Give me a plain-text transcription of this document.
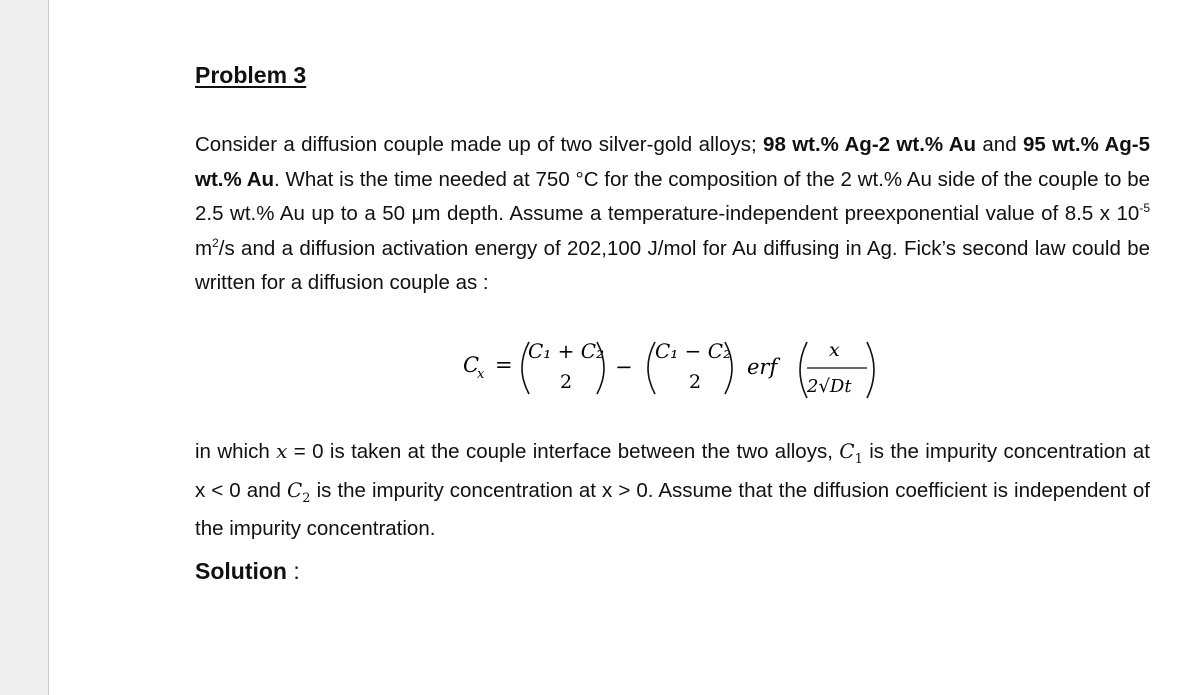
Problem 3
Consider a diffusion couple made up of two silver-gold alloys; 98 wt.% Ag-2 wt.% Au and 95 wt.% Ag-5 wt.% Au. What is the time needed at 750 °C for the composition of the 2 wt.% Au side of the couple to be 2.5 wt.% Au up to a 50 μm depth. Assume a temperature-independent preexponential value of 8.5 x $10^{-5}$ $m^2/s$ and a diffusion activation energy of 202,100 J/mol for Au diffusing in Ag. Fick’s second law could be written for a diffusion couple as :
C
x =
C₁ + C₂
2
−
C₁ − C₂
2
erf
x
2√Dt
in which x = 0 is taken at the couple interface between the two alloys, $C_1$ is the impurity concentration at x < 0 and $C_2$ is the impurity concentration at x > 0. Assume that the diffusion coefficient is independent of the impurity concentration.
Solution :
